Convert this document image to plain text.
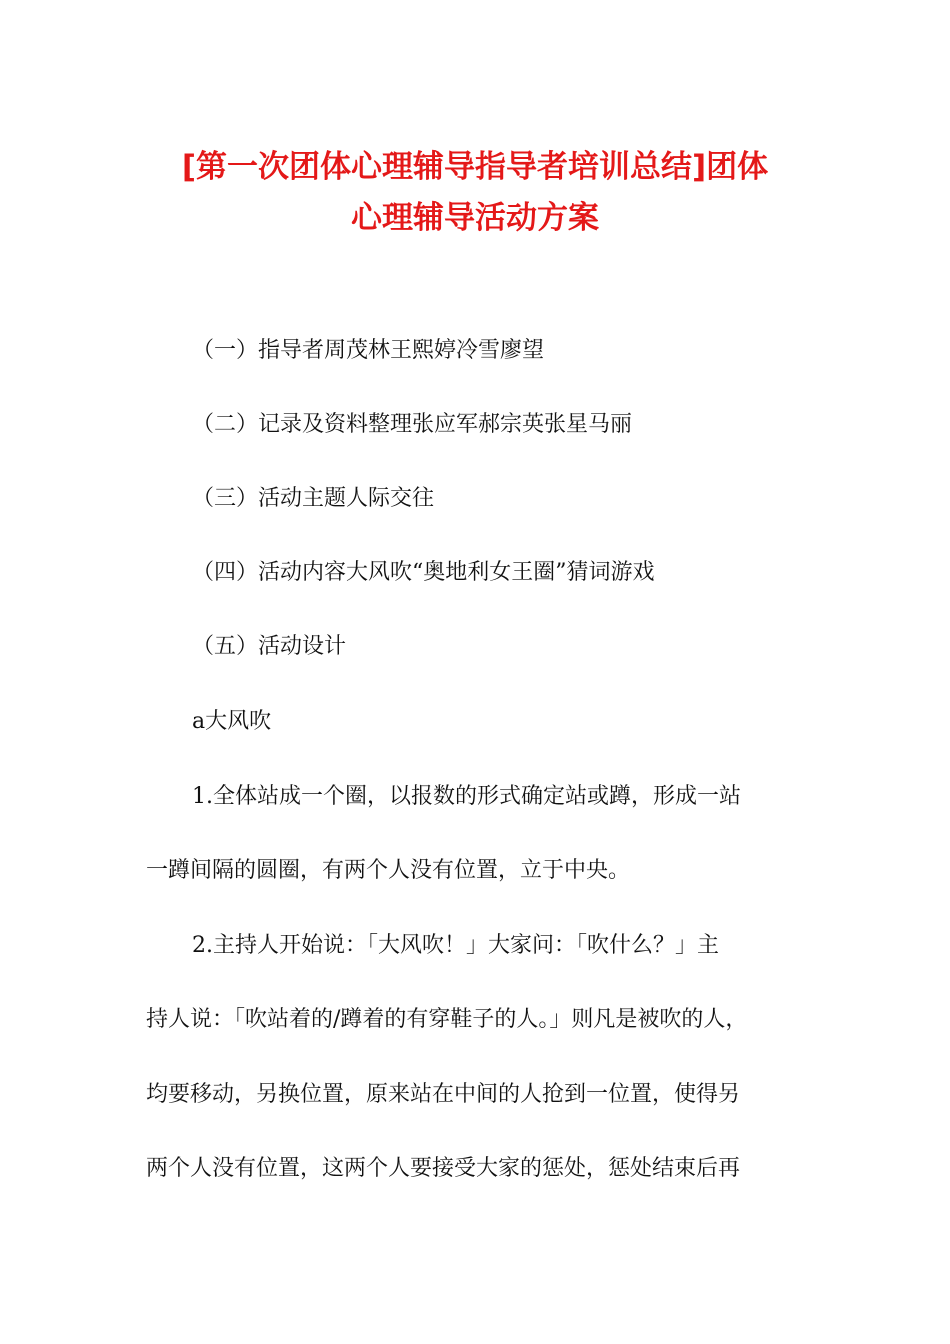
[第一次团体心理辅导指导者培训总结]团体
心理辅导活动方案
（一）指导者周茂林王熙婷冷雪廖望
（二）记录及资料整理张应军郝宗英张星马丽
（三）活动主题人际交往
（四）活动内容大风吹“奥地利女王圈”猜词游戏
（五）活动设计
a大风吹
1.全体站成一个圈，以报数的形式确定站或蹲，形成一站
一蹲间隔的圆圈，有两个人没有位置，立于中央。
2.主持人开始说：「大风吹！」大家问：「吹什么？」主
持人说：「吹站着的/蹲着的有穿鞋子的人。」则凡是被吹的人，
均要移动，另换位置，原来站在中间的人抢到一位置，使得另
两个人没有位置，这两个人要接受大家的惩处，惩处结束后再
